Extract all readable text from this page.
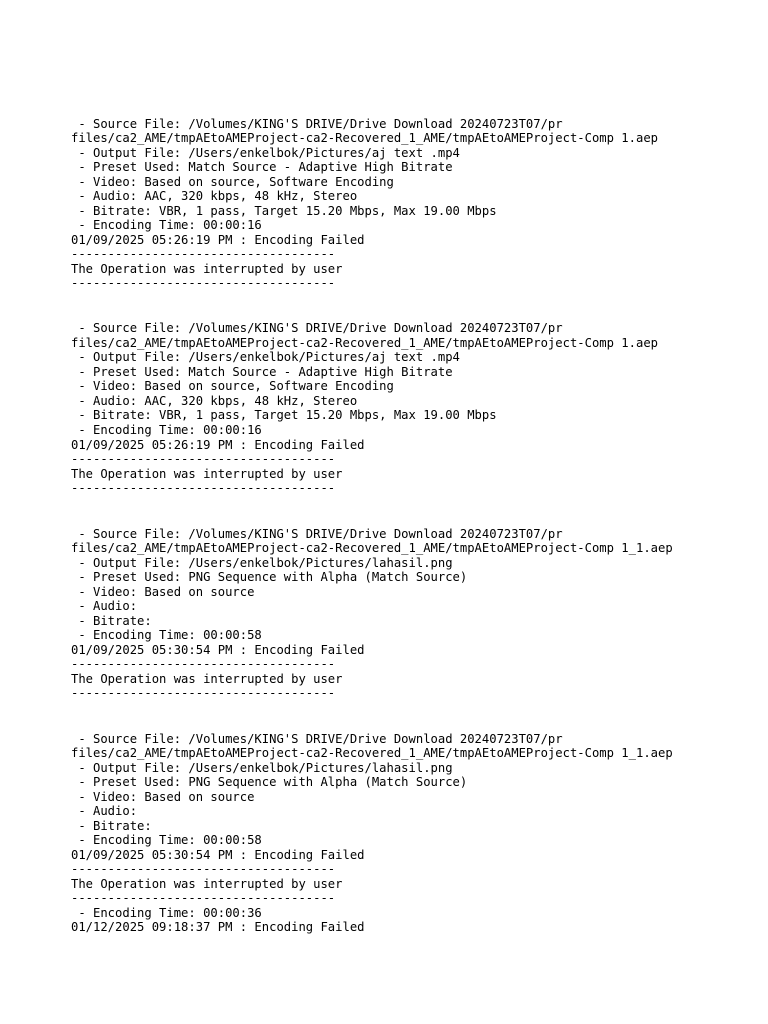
- Source File: /Volumes/KING'S DRIVE/Drive Download 20240723T07/pr
files/ca2_AME/tmpAEtoAMEProject-ca2-Recovered_1_AME/tmpAEtoAMEProject-Comp 1.aep
- Output File: /Users/enkelbok/Pictures/aj text .mp4
- Preset Used: Match Source - Adaptive High Bitrate
- Video: Based on source, Software Encoding
- Audio: AAC, 320 kbps, 48 kHz, Stereo
- Bitrate: VBR, 1 pass, Target 15.20 Mbps, Max 19.00 Mbps
- Encoding Time: 00:00:16
01/09/2025 05:26:19 PM : Encoding Failed
------------------------------------
The Operation was interrupted by user
------------------------------------
- Source File: /Volumes/KING'S DRIVE/Drive Download 20240723T07/pr
files/ca2_AME/tmpAEtoAMEProject-ca2-Recovered_1_AME/tmpAEtoAMEProject-Comp 1.aep
- Output File: /Users/enkelbok/Pictures/aj text .mp4
- Preset Used: Match Source - Adaptive High Bitrate
- Video: Based on source, Software Encoding
- Audio: AAC, 320 kbps, 48 kHz, Stereo
- Bitrate: VBR, 1 pass, Target 15.20 Mbps, Max 19.00 Mbps
- Encoding Time: 00:00:16
01/09/2025 05:26:19 PM : Encoding Failed
------------------------------------
The Operation was interrupted by user
------------------------------------
- Source File: /Volumes/KING'S DRIVE/Drive Download 20240723T07/pr
files/ca2_AME/tmpAEtoAMEProject-ca2-Recovered_1_AME/tmpAEtoAMEProject-Comp 1_1.aep
- Output File: /Users/enkelbok/Pictures/lahasil.png
- Preset Used: PNG Sequence with Alpha (Match Source)
- Video: Based on source
- Audio:
- Bitrate:
- Encoding Time: 00:00:58
01/09/2025 05:30:54 PM : Encoding Failed
------------------------------------
The Operation was interrupted by user
------------------------------------
- Source File: /Volumes/KING'S DRIVE/Drive Download 20240723T07/pr
files/ca2_AME/tmpAEtoAMEProject-ca2-Recovered_1_AME/tmpAEtoAMEProject-Comp 1_1.aep
- Output File: /Users/enkelbok/Pictures/lahasil.png
- Preset Used: PNG Sequence with Alpha (Match Source)
- Video: Based on source
- Audio:
- Bitrate:
- Encoding Time: 00:00:58
01/09/2025 05:30:54 PM : Encoding Failed
------------------------------------
The Operation was interrupted by user
------------------------------------
- Encoding Time: 00:00:36
01/12/2025 09:18:37 PM : Encoding Failed
